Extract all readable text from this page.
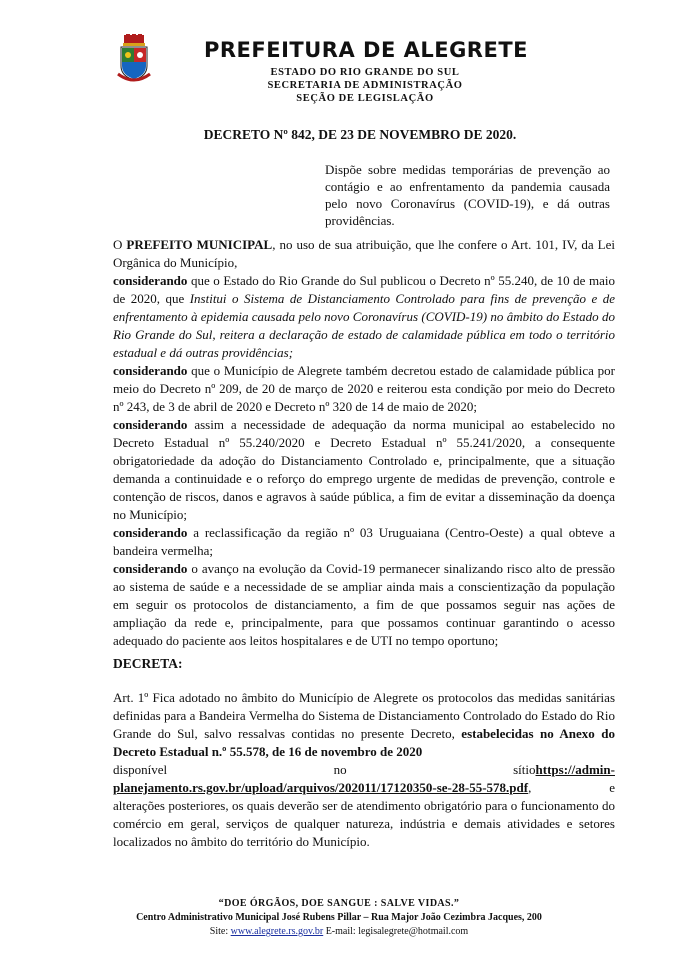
PREFEITURA DE ALEGRETE
ESTADO DO RIO GRANDE DO SUL
SECRETARIA DE ADMINISTRAÇÃO
SEÇÃO DE LEGISLAÇÃO
DECRETO Nº 842, DE 23 DE NOVEMBRO DE 2020.
Dispõe sobre medidas temporárias de prevenção ao contágio e ao enfrentamento da pandemia causada pelo novo Coronavírus (COVID-19), e dá outras providências.

O PREFEITO MUNICIPAL, no uso de sua atribuição, que lhe confere o Art. 101, IV, da Lei Orgânica do Município,

considerando que o Estado do Rio Grande do Sul publicou o Decreto nº 55.240, de 10 de maio de 2020, que Institui o Sistema de Distanciamento Controlado para fins de prevenção e de enfrentamento à epidemia causada pelo novo Coronavírus (COVID-19) no âmbito do Estado do Rio Grande do Sul, reitera a declaração de estado de calamidade pública em todo o território estadual e dá outras providências;

considerando que o Município de Alegrete também decretou estado de calamidade pública por meio do Decreto nº 209, de 20 de março de 2020 e reiterou esta condição por meio do Decreto nº 243, de 3 de abril de 2020 e Decreto nº 320 de 14 de maio de 2020;

considerando assim a necessidade de adequação da norma municipal ao estabelecido no Decreto Estadual nº 55.240/2020 e Decreto Estadual nº 55.241/2020, a consequente obrigatoriedade da adoção do Distanciamento Controlado e, principalmente, que a situação demanda a continuidade e o reforço do emprego urgente de medidas de prevenção, controle e contenção de riscos, danos e agravos à saúde pública, a fim de evitar a disseminação da doença no Município;

considerando a reclassificação da região nº 03 Uruguaiana (Centro-Oeste) a qual obteve a bandeira vermelha;

considerando o avanço na evolução da Covid-19 permanecer sinalizando risco alto de pressão ao sistema de saúde e a necessidade de se ampliar ainda mais a conscientização da população em seguir os protocolos de distanciamento, a fim de que possamos seguir nas ações de ampliação da rede e, principalmente, para que possamos continuar garantindo o acesso adequado do paciente aos leitos hospitalares e de UTI no tempo oportuno;

DECRETA:
Art. 1º Fica adotado no âmbito do Município de Alegrete os protocolos das medidas sanitárias definidas para a Bandeira Vermelha do Sistema de Distanciamento Controlado do Estado do Rio Grande do Sul, salvo ressalvas contidas no presente Decreto, estabelecidas no Anexo do Decreto Estadual n.º 55.578, de 16 de novembro de 2020
disponível	no	sítiohttps://admin-
planejamento.rs.gov.br/upload/arquivos/202011/17120350-se-28-55-578.pdf,	e
alterações posteriores, os quais deverão ser de atendimento obrigatório para o funcionamento do comércio em geral, serviços de qualquer natureza, indústria e demais atividades e setores localizados no âmbito do território do Município.
“DOE ÓRGÃOS, DOE SANGUE : SALVE VIDAS.”
Centro Administrativo Municipal José Rubens Pillar – Rua Major João Cezimbra Jacques, 200
Site: www.alegrete.rs.gov.br E-mail: legisalegrete@hotmail.com
